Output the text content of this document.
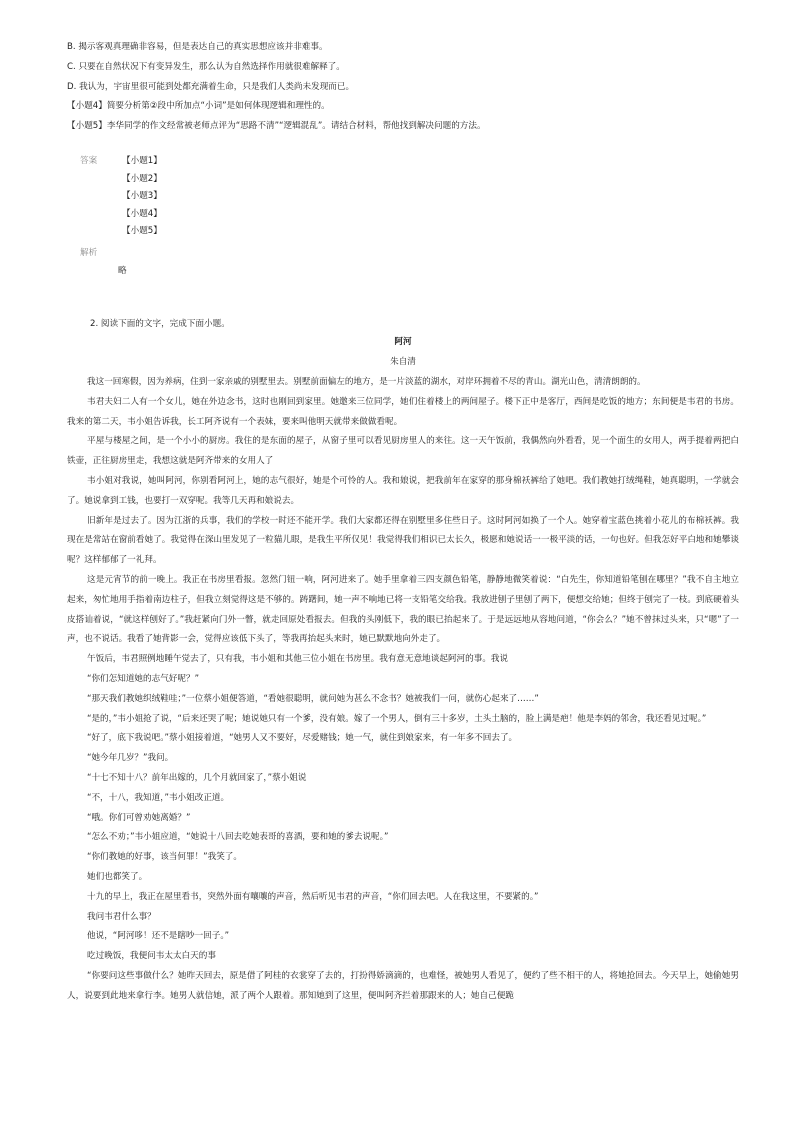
B. 揭示客观真理确非容易，但是表达自己的真实思想应该并非难事。
C. 只要在自然状况下有变异发生，那么认为自然选择作用就很难解释了。
D. 我认为，宇宙里很可能到处都充满着生命，只是我们人类尚未发现而已。
【小题4】简要分析第②段中所加点“小词”是如何体现逻辑和理性的。
【小题5】李华同学的作文经常被老师点评为“思路不清”“逻辑混乱”。请结合材料，帮他找到解决问题的方法。
答案	【小题1】
【小题2】
【小题3】
【小题4】
【小题5】
解析
略
2. 阅读下面的文字，完成下面小题。
阿河
朱自清
我这一回寒假，因为养病，住到一家亲戚的别墅里去。别墅前面偏左的地方，是一片淡蓝的湖水，对岸环拥着不尽的青山。湖光山色，清清朗朗的。
韦君夫妇二人有一个女儿，她在外边念书，这时也刚回到家里。她邀来三位同学，她们住着楼上的两间屋子。楼下正中是客厅，西间是吃饭的地方；东间便是韦君的书房。我来的第二天，韦小姐告诉我，长工阿齐说有一个表妹，要来叫他明天就带来做做看呢。
平屋与楼屋之间，是一个小小的厨房。我住的是东面的屋子，从窗子里可以看见厨房里人的来往。这一天午饭前，我偶然向外看看，见一个面生的女用人，两手提着两把白铁壶，正往厨房里走，我想这就是阿齐带来的女用人了
韦小姐对我说，她叫阿河，你别看阿河上，她的志气很好，她是个可怜的人。我和娘说，把我前年在家穿的那身棉袄裤给了她吧。我们教她打绒绳鞋，她真聪明，一学就会了。她说拿到工钱，也要打一双穿呢。我等几天再和娘说去。
旧新年是过去了。因为江浙的兵事，我们的学校一时还不能开学。我们大家都还得在别墅里多住些日子。这时阿河如换了一个人。她穿着宝蓝色挑着小花儿的布棉袄裤。我现在是常站在窗前看她了。我觉得在深山里发见了一粒猫儿眼，是我生平所仅见！我觉得我们相识已太长久，极愿和她说话一一极平淡的话，一句也好。但我怎好平白地和她攀谈呢？这样郁郁了一礼拜。
这是元宵节的前一晚上。我正在书房里看报。忽然门钮一响，阿河进来了。她手里拿着三四支颜色铅笔，静静地微笑着说：“白先生，你知道铅笔刨在哪里？”我不自主地立起来，匆忙地用手指着南边柱子，但我立刻觉得这是不够的。踌躇间，她一声不响地已将一支铅笔交给我。我放进刨子里刨了两下，便想交给她；但终于刨完了一枝。到底硬着头皮搭讪着说，“就这样刨好了。”我赶紧向门外一瞥，就走回原处看报去。但我的头刚低下，我的眼已抬起来了。于是远远地从容地问道，“你会么？”她不曾抹过头来，只“嗯”了一声，也不说话。我看了她背影一会，觉得应该低下头了，等我再抬起头来时，她已默默地向外走了。
午饭后，韦君照例地睡午觉去了，只有我，韦小姐和其他三位小姐在书房里。我有意无意地谈起阿河的事。我说
“你们怎知道她的志气好呢？”
“那天我们教她织绒鞋哇；”一位蔡小姐便答道，“看她很聪明，就问她为甚么不念书？她被我们一问，就伤心起来了……”
“是的，”韦小姐抢了说，“后来还哭了呢；她说她只有一个爹，没有娘。嫁了一个男人，倒有三十多岁，土头土脑的，脸上满是疤！他是李妈的邻舍，我还看见过呢。”
“好了，底下我说吧。”蔡小姐接着道，“她男人又不要好，尽爱赌钱；她一气，就住到娘家来，有一年多不回去了。
“她今年几岁？”我问。
“十七不知十八？前年出嫁的，几个月就回家了，”蔡小姐说
“不，十八，我知道，”韦小姐改正道。
“哦。你们可曾劝她离婚？”
“怎么不劝；”韦小姐应道，“她说十八回去吃她表哥的喜酒，要和她的爹去说呢。”
“你们教她的好事，该当何罪！”我笑了。
她们也都笑了。
十九的早上，我正在屋里看书，突然外面有嚷嚷的声音，然后听见韦君的声音，“你们回去吧。人在我这里，不要紧的。”
我问韦君什么事？
他说，“阿河哆！还不是瞎吵一回子。”
吃过晚饭，我便问韦太太白天的事
“你要问这些事做什么？她昨天回去，原是借了阿桂的衣裳穿了去的，打扮得娇滴滴的，也难怪，被她男人看见了，便约了些不相干的人，将她抢回去。今天早上，她偷她男人，说要到此地来拿行李。她男人就信她，派了两个人跟着。那知她到了这里，便叫阿齐拦着那跟来的人；她自己便跪
